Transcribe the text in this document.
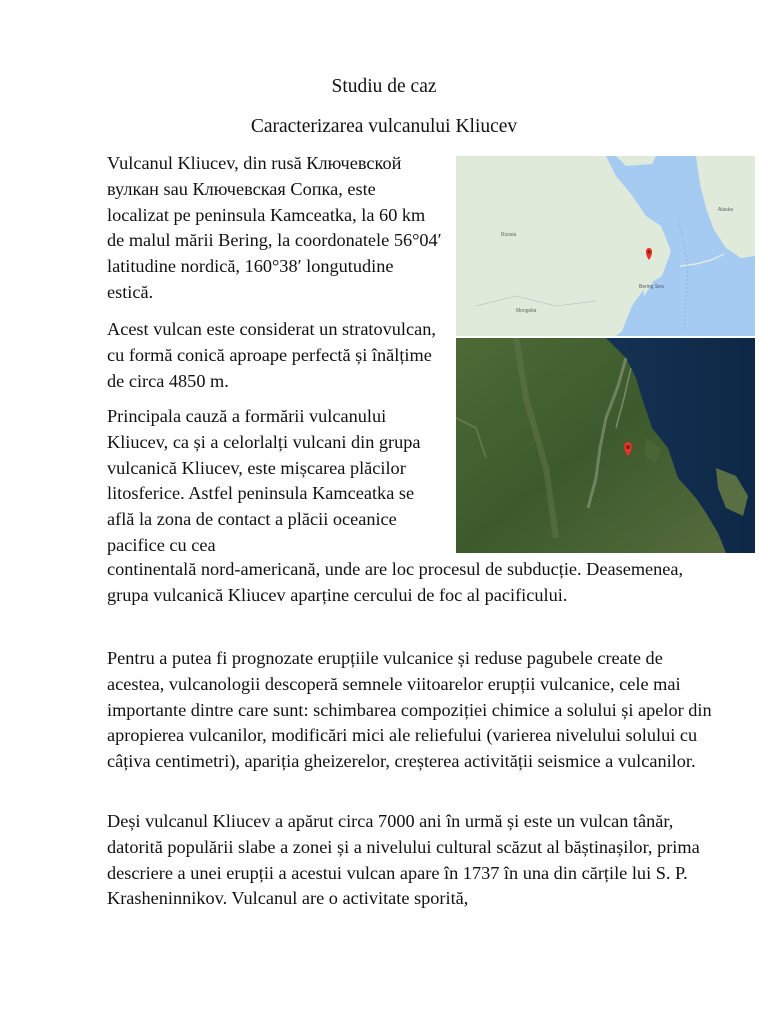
Studiu de caz
Caracterizarea vulcanului Kliucev

Vulcanul Kliucev, din rusă Ключевской вулкан sau Ключевская Сопка, este localizat pe peninsula Kamceatka, la 60 km de malul mării Bering, la coordonatele 56°04′ latitudine nordică, 160°38′ longutudine estică.

Acest vulcan este considerat un stratovulcan, cu formă conică aproape perfectă și înălțime de circa 4850 m.

Principala cauză a formării vulcanului Kliucev, ca și a celorlalți vulcani din grupa vulcanică Kliucev, este mișcarea plăcilor litosferice. Astfel peninsula Kamceatka se află la zona de contact a plăcii oceanice pacifice cu cea

continentală nord-americană, unde are loc procesul de subducție. Deasemenea, grupa vulcanică Kliucev aparține cercului de foc al pacificului.

Pentru a putea fi prognozate erupțiile vulcanice și reduse pagubele create de acestea, vulcanologii descoperă semnele viitoarelor erupții vulcanice, cele mai importante dintre care sunt: schimbarea compoziției chimice a solului și apelor din apropierea vulcanilor, modificări mici ale reliefului (varierea nivelului solului cu câțiva centimetri), apariția gheizerelor, creșterea activității seismice a vulcanilor.

Deși vulcanul Kliucev a apărut circa 7000 ani în urmă și este un vulcan tânăr, datorită populării slabe a zonei și a nivelului cultural scăzut al băștinașilor, prima descriere a unei erupții a acestui vulcan apare în 1737 în una din cărțile lui S. P. Krasheninnikov. Vulcanul are o activitate sporită,

Russia
Mongolia
Bering Sea
Alaska
